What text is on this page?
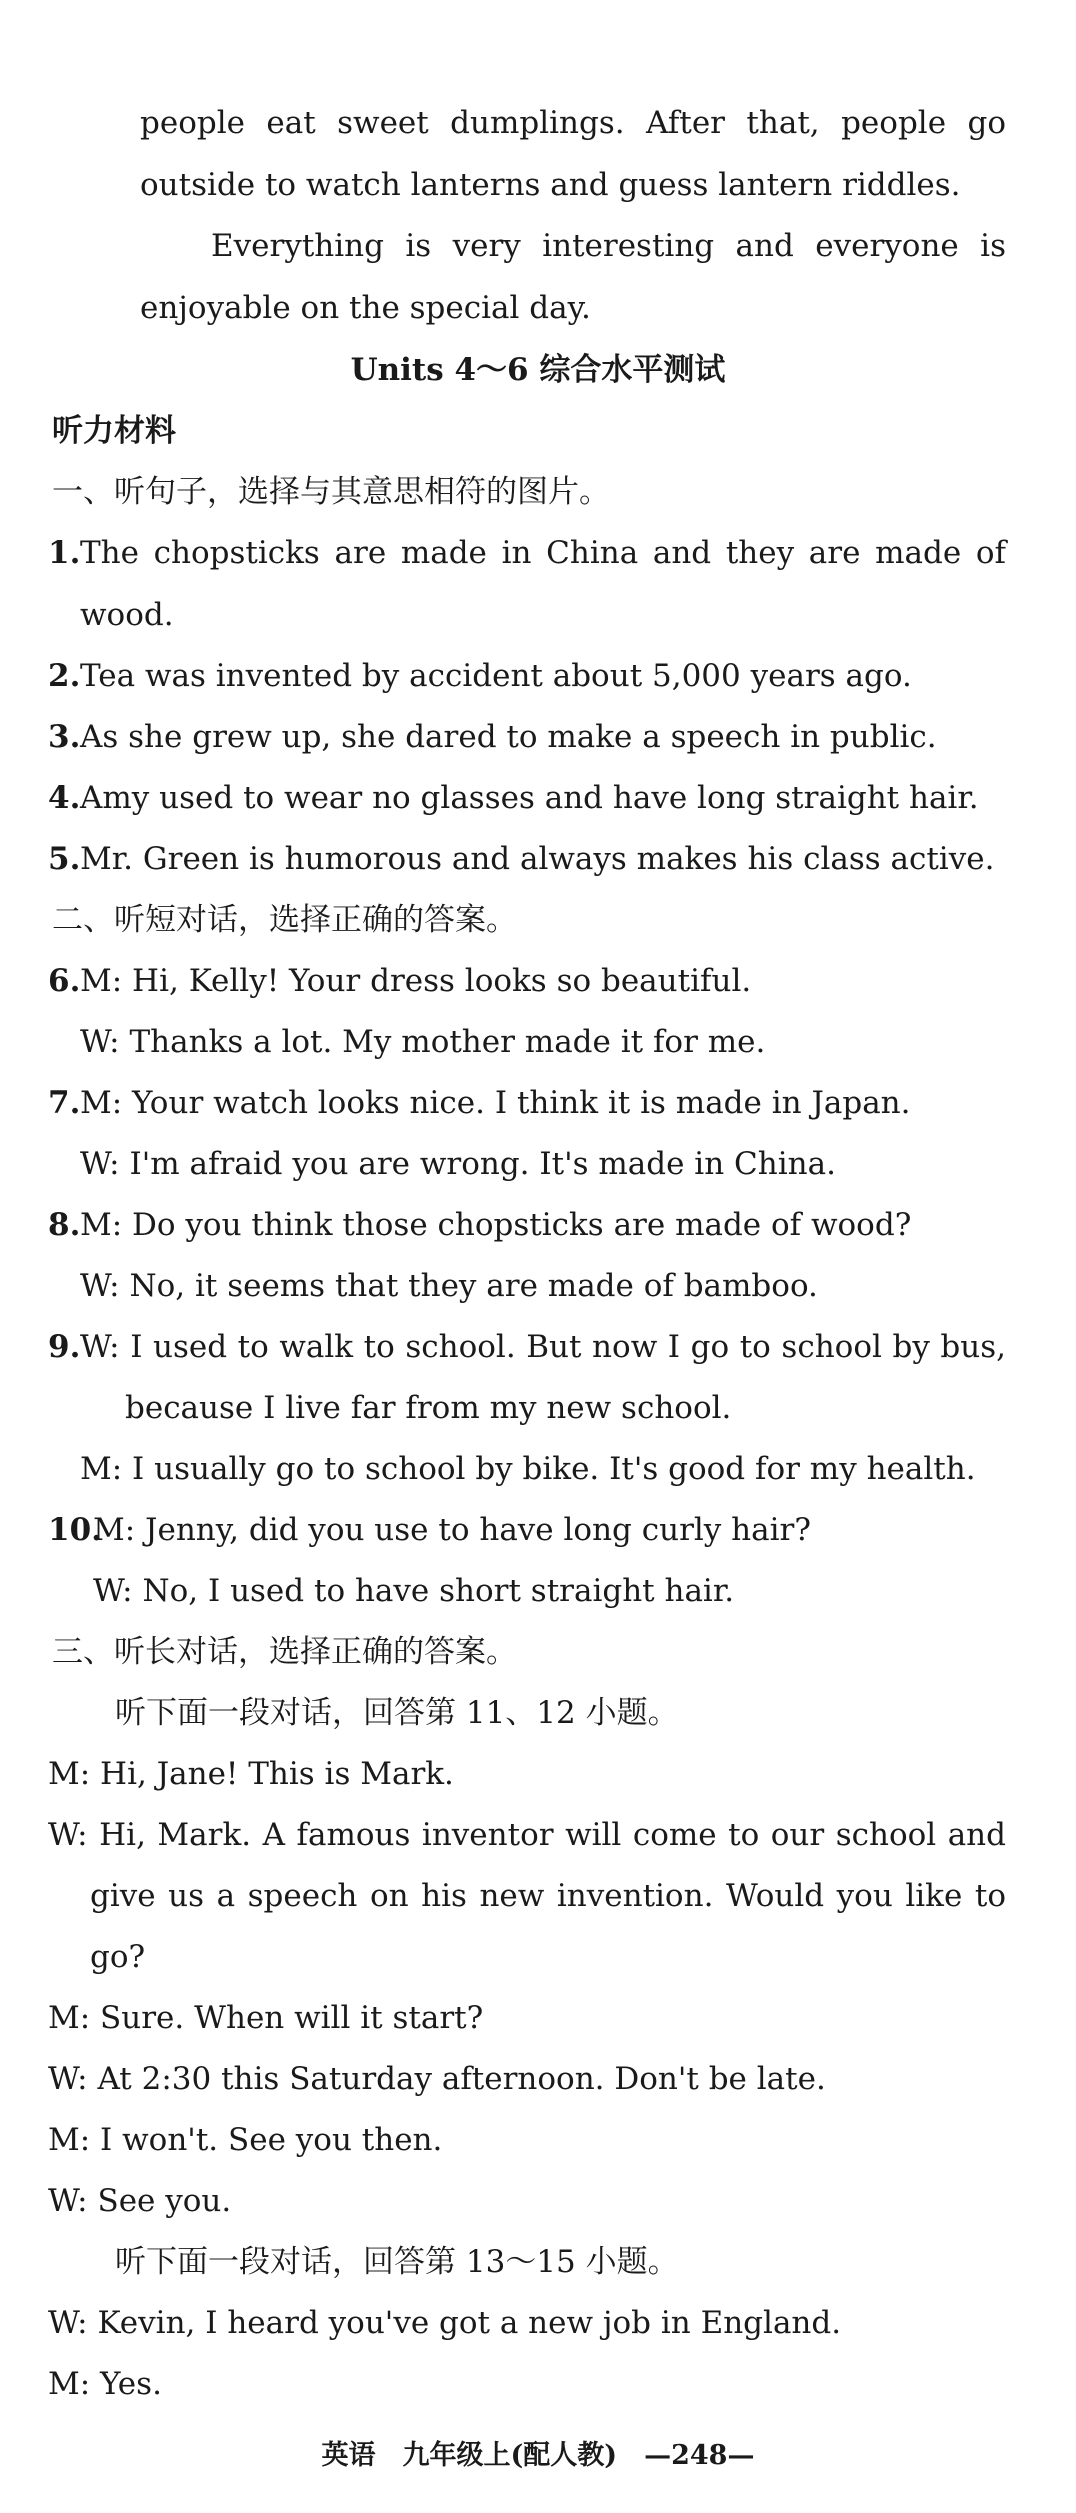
people eat sweet dumplings. After that, people go
outside to watch lanterns and guess lantern riddles.
Everything is very interesting and everyone is
enjoyable on the special day.
Units 4～6 综合水平测试
听力材料
一、听句子，选择与其意思相符的图片。
1. The chopsticks are made in China and they are made of
wood.
2. Tea was invented by accident about 5,000 years ago.
3. As she grew up, she dared to make a speech in public.
4. Amy used to wear no glasses and have long straight hair.
5. Mr. Green is humorous and always makes his class active.
二、听短对话，选择正确的答案。
6. M: Hi, Kelly! Your dress looks so beautiful.
W: Thanks a lot. My mother made it for me.
7. M: Your watch looks nice. I think it is made in Japan.
W: I'm afraid you are wrong. It's made in China.
8. M: Do you think those chopsticks are made of wood?
W: No, it seems that they are made of bamboo.
9. W: I used to walk to school. But now I go to school by bus,
because I live far from my new school.
M: I usually go to school by bike. It's good for my health.
10.
M: Jenny, did you use to have long curly hair?
W: No, I used to have short straight hair.
三、听长对话，选择正确的答案。
听下面一段对话，回答第 11、12 小题。
M: Hi, Jane! This is Mark.
W: Hi, Mark. A famous inventor will come to our school and
give us a speech on his new invention. Would you like to
go?
M: Sure. When will it start?
W: At 2:30 this Saturday afternoon. Don't be late.
M: I won't. See you then.
W: See you.
听下面一段对话，回答第 13～15 小题。
W: Kevin, I heard you've got a new job in England.
M: Yes.
英语　九年级上(配人教)　—248—
